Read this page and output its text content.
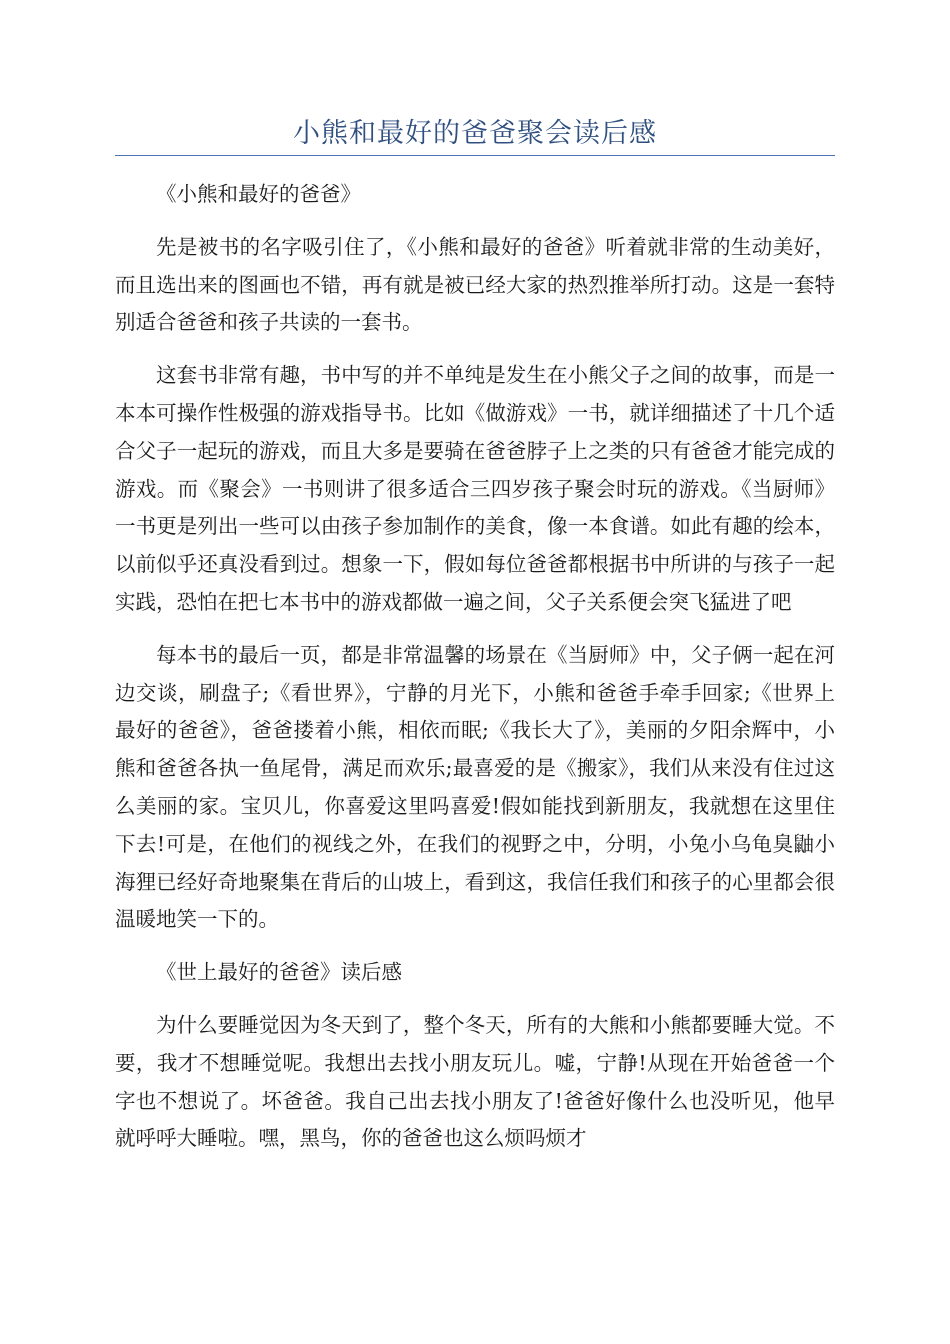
小熊和最好的爸爸聚会读后感

《小熊和最好的爸爸》

先是被书的名字吸引住了，《小熊和最好的爸爸》听着就非常的生动美好，而且选出来的图画也不错，再有就是被已经大家的热烈推举所打动。这是一套特别适合爸爸和孩子共读的一套书。

这套书非常有趣，书中写的并不单纯是发生在小熊父子之间的故事，而是一本本可操作性极强的游戏指导书。比如《做游戏》一书，就详细描述了十几个适合父子一起玩的游戏，而且大多是要骑在爸爸脖子上之类的只有爸爸才能完成的游戏。而《聚会》一书则讲了很多适合三四岁孩子聚会时玩的游戏。《当厨师》一书更是列出一些可以由孩子参加制作的美食，像一本食谱。如此有趣的绘本，以前似乎还真没看到过。想象一下，假如每位爸爸都根据书中所讲的与孩子一起实践，恐怕在把七本书中的游戏都做一遍之间，父子关系便会突飞猛进了吧

每本书的最后一页，都是非常温馨的场景在《当厨师》中，父子俩一起在河边交谈，刷盘子;《看世界》，宁静的月光下，小熊和爸爸手牵手回家;《世界上最好的爸爸》，爸爸搂着小熊，相依而眠;《我长大了》，美丽的夕阳余辉中，小熊和爸爸各执一鱼尾骨，满足而欢乐;最喜爱的是《搬家》，我们从来没有住过这么美丽的家。宝贝儿，你喜爱这里吗喜爱!假如能找到新朋友，我就想在这里住下去!可是，在他们的视线之外，在我们的视野之中，分明，小兔小乌龟臭鼬小海狸已经好奇地聚集在背后的山坡上，看到这，我信任我们和孩子的心里都会很温暖地笑一下的。

《世上最好的爸爸》读后感

为什么要睡觉因为冬天到了，整个冬天，所有的大熊和小熊都要睡大觉。不要，我才不想睡觉呢。我想出去找小朋友玩儿。嘘，宁静!从现在开始爸爸一个字也不想说了。坏爸爸。我自己出去找小朋友了!爸爸好像什么也没听见，他早就呼呼大睡啦。嘿，黑鸟，你的爸爸也这么烦吗烦才
